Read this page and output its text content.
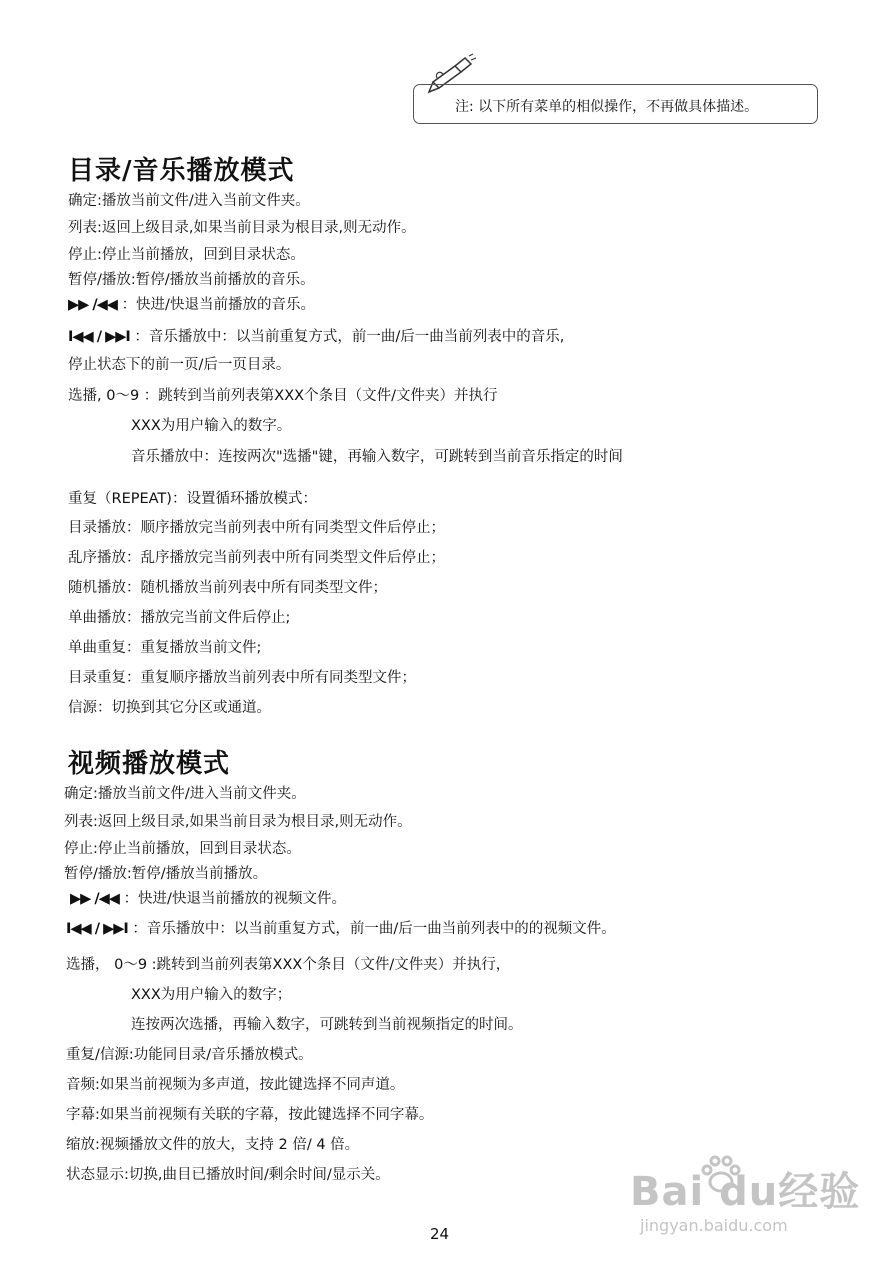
注: 以下所有菜单的相似操作，不再做具体描述。
目录/音乐播放模式
确定:播放当前文件/进入当前文件夹。
列表:返回上级目录,如果当前目录为根目录,则无动作。
停止:停止当前播放，回到目录状态。
暂停/播放:暂停/播放当前播放的音乐。
▶▶ /◀◀ ：快进/快退当前播放的音乐。
I◀◀ / ▶▶I ：音乐播放中：以当前重复方式，前一曲/后一曲当前列表中的音乐,
停止状态下的前一页/后一页目录。
选播, 0～9 ：跳转到当前列表第XXX个条目（文件/文件夹）并执行
XXX为用户输入的数字。
音乐播放中：连按两次"选播"键，再输入数字，可跳转到当前音乐指定的时间
重复（REPEAT)：设置循环播放模式：
目录播放：顺序播放完当前列表中所有同类型文件后停止；
乱序播放：乱序播放完当前列表中所有同类型文件后停止；
随机播放：随机播放当前列表中所有同类型文件；
单曲播放：播放完当前文件后停止;
单曲重复：重复播放当前文件;
目录重复：重复顺序播放当前列表中所有同类型文件；
信源：切换到其它分区或通道。
视频播放模式
确定:播放当前文件/进入当前文件夹。
列表:返回上级目录,如果当前目录为根目录,则无动作。
停止:停止当前播放，回到目录状态。
暂停/播放:暂停/播放当前播放。
▶▶ /◀◀ ：快进/快退当前播放的视频文件。
I◀◀ / ▶▶I ：音乐播放中：以当前重复方式，前一曲/后一曲当前列表中的的视频文件。
选播， 0～9 :跳转到当前列表第XXX个条目（文件/文件夹）并执行，
XXX为用户输入的数字；
连按两次选播，再输入数字，可跳转到当前视频指定的时间。
重复/信源:功能同目录/音乐播放模式。
音频:如果当前视频为多声道，按此键选择不同声道。
字幕:如果当前视频有关联的字幕，按此键选择不同字幕。
缩放:视频播放文件的放大，支持 2 倍/ 4 倍。
状态显示:切换,曲目已播放时间/剩余时间/显示关。	Bai du经验
jingyan.baidu.com
24
